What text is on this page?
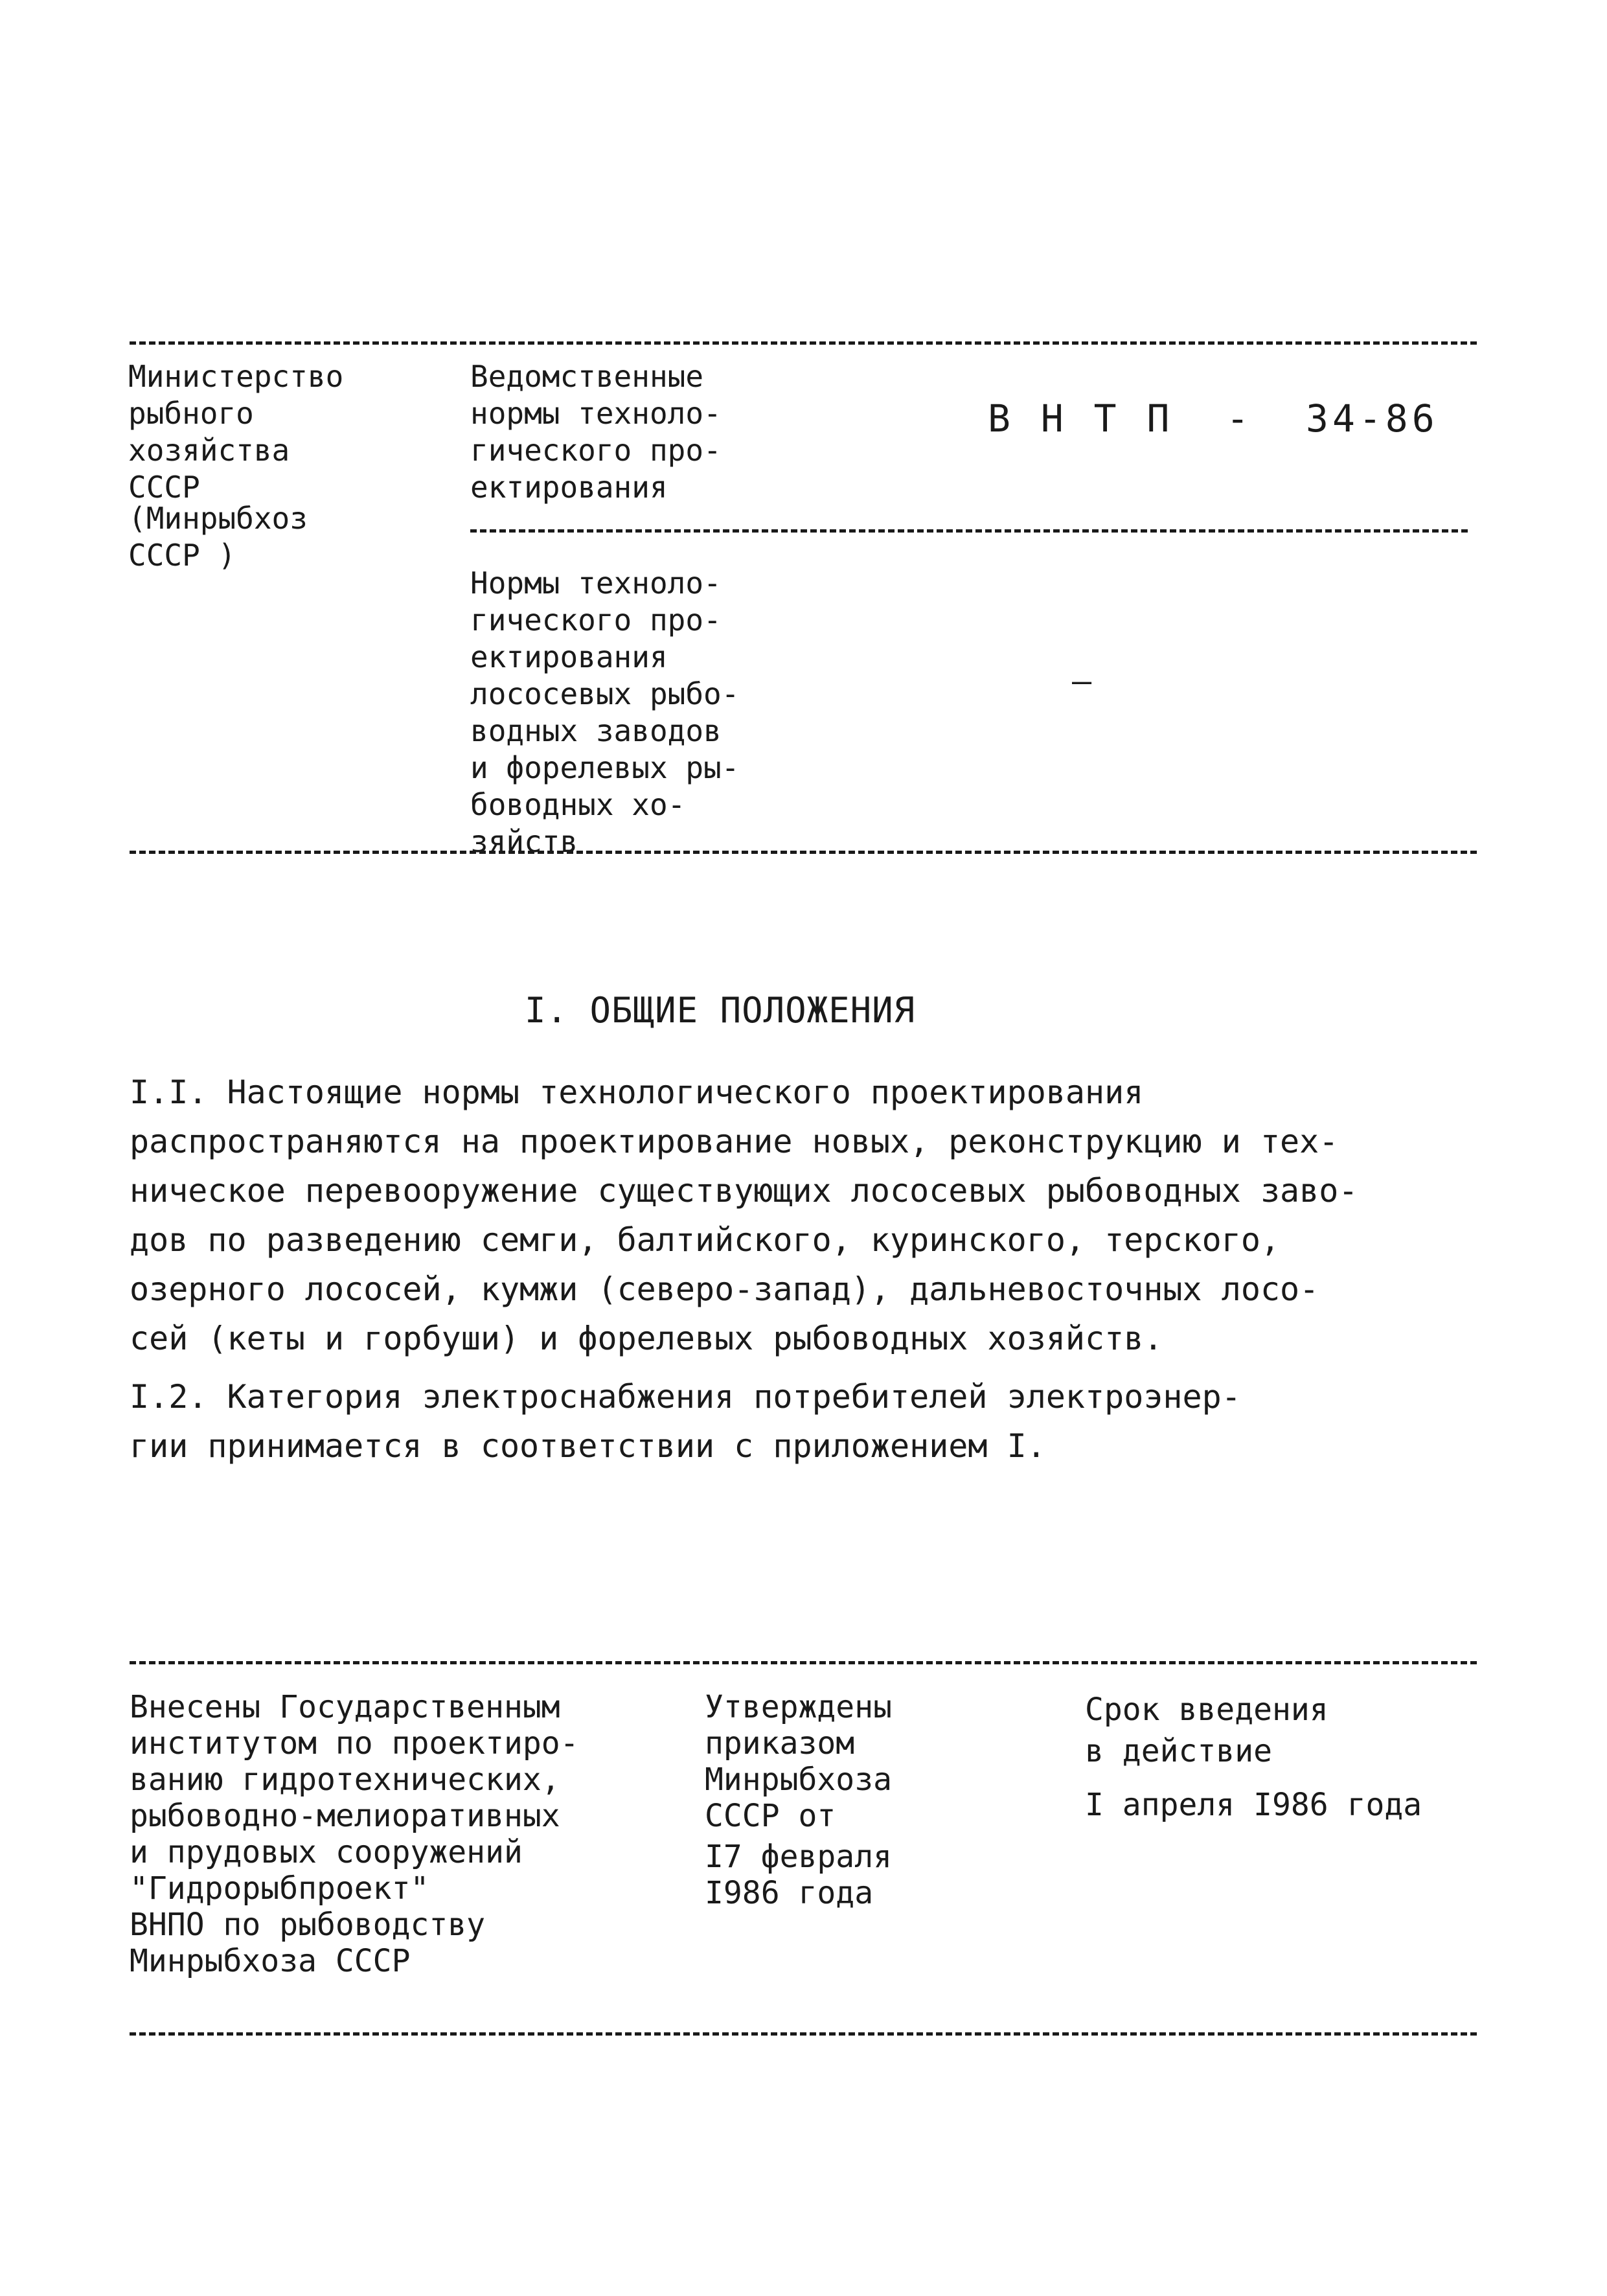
Министерство
рыбного
хозяйства
СССР
(Минрыбхоз
СССР )
Ведомственные
нормы техноло-
гического про-
ектирования
В Н Т П  -  34-86
Нормы техноло-
гического про-
ектирования
лососевых рыбо-
водных заводов
и форелевых ры-
боводных хо-
зяйств
—
I. ОБЩИЕ ПОЛОЖЕНИЯ

I.I. Настоящие нормы технологического проектирования
распространяются на проектирование новых, реконструкцию и тех-
ническое перевооружение существующих лососевых рыбоводных заво-
дов по разведению семги, балтийского, куринского, терского,
озерного лососей, кумжи (северо-запад), дальневосточных лосо-
сей (кеты и горбуши) и форелевых рыбоводных хозяйств.

I.2. Категория электроснабжения потребителей электроэнер-
гии принимается в соответствии с приложением I.

Внесены Государственным
институтом по проектиро-
ванию гидротехнических,
рыбоводно-мелиоративных
и прудовых сооружений
"Гидрорыбпроект"
ВНПО по рыбоводству
Минрыбхоза СССР
Утверждены
приказом
Минрыбхоза
СССР от
I7 февраля
I986 года
Срок введения
в действие
I апреля I986 года
